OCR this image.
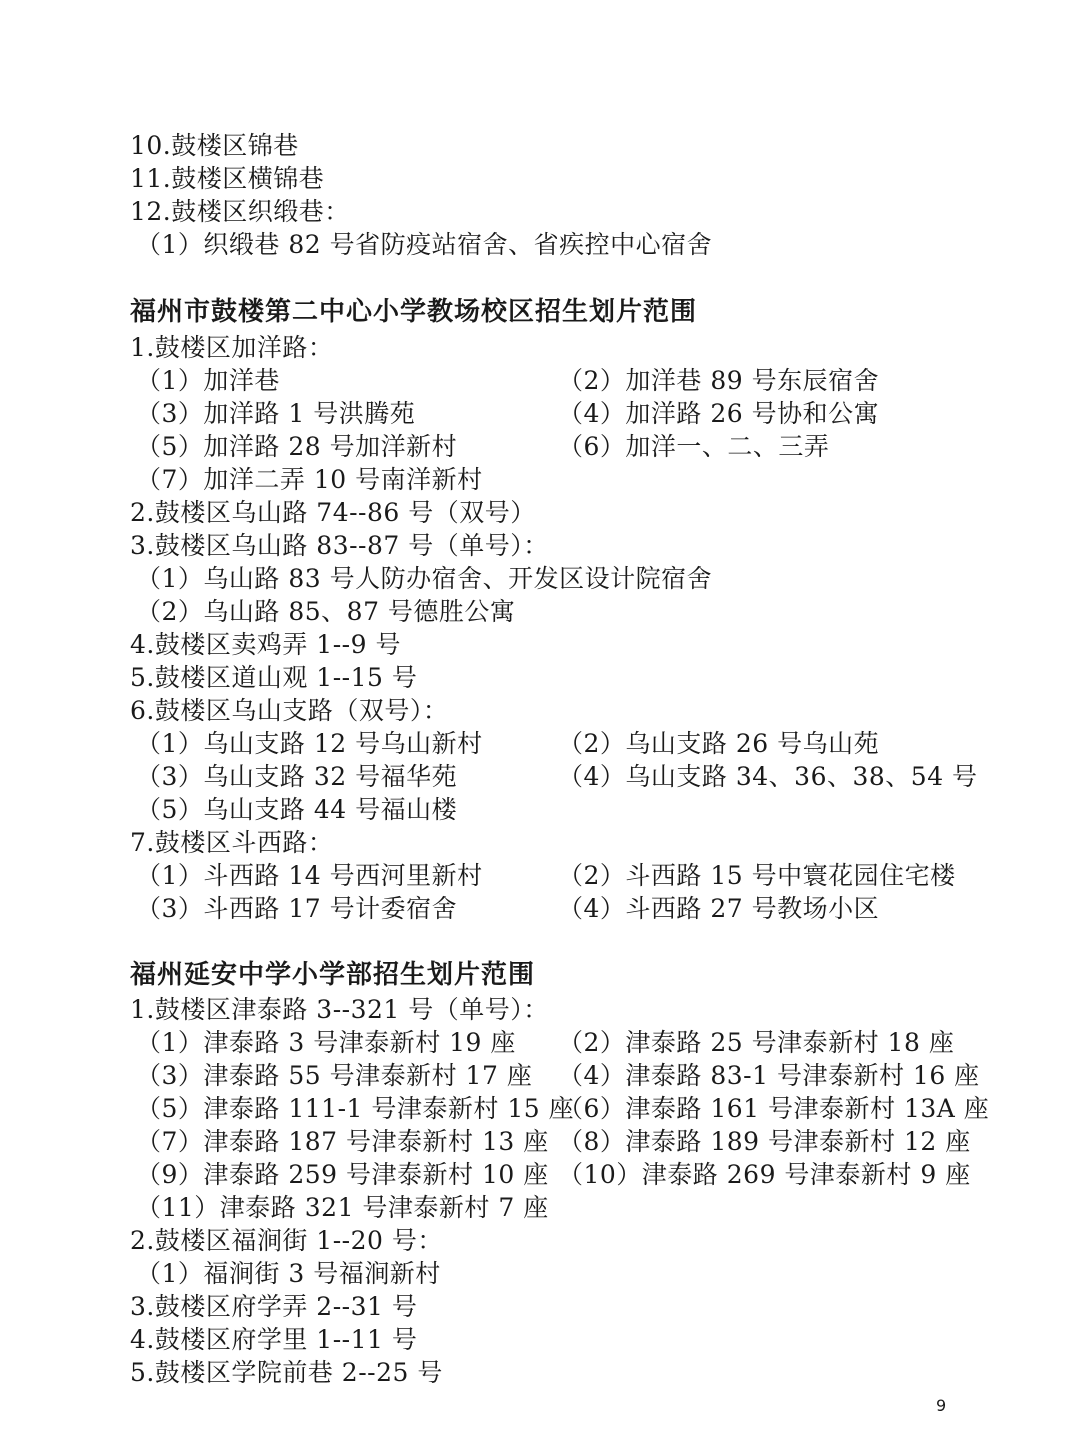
10.鼓楼区锦巷
11.鼓楼区横锦巷
12.鼓楼区织缎巷：
（1）织缎巷 82 号省防疫站宿舍、省疾控中心宿舍
福州市鼓楼第二中心小学教场校区招生划片范围
1.鼓楼区加洋路：
（1）加洋巷	（2）加洋巷 89 号东辰宿舍
（3）加洋路 1 号洪腾苑	（4）加洋路 26 号协和公寓
（5）加洋路 28 号加洋新村	（6）加洋一、二、三弄
（7）加洋二弄 10 号南洋新村
2.鼓楼区乌山路 74--86 号（双号）
3.鼓楼区乌山路 83--87 号（单号）：
（1）乌山路 83 号人防办宿舍、开发区设计院宿舍
（2）乌山路 85、87 号德胜公寓
4.鼓楼区卖鸡弄 1--9 号
5.鼓楼区道山观 1--15 号
6.鼓楼区乌山支路（双号）：
（1）乌山支路 12 号乌山新村	（2）乌山支路 26 号乌山苑
（3）乌山支路 32 号福华苑	（4）乌山支路 34、36、38、54 号
（5）乌山支路 44 号福山楼
7.鼓楼区斗西路：
（1）斗西路 14 号西河里新村	（2）斗西路 15 号中寰花园住宅楼
（3）斗西路 17 号计委宿舍	（4）斗西路 27 号教场小区
福州延安中学小学部招生划片范围
1.鼓楼区津泰路 3--321 号（单号）：
（1）津泰路 3 号津泰新村 19 座 （2）津泰路 25 号津泰新村 18 座
（3）津泰路 55 号津泰新村 17 座 （4）津泰路 83-1 号津泰新村 16 座
（5）津泰路 111-1 号津泰新村 15 座
（6）津泰路 161 号津泰新村 13A 座
（7）津泰路 187 号津泰新村 13 座 （8）津泰路 189 号津泰新村 12 座
（9）津泰路 259 号津泰新村 10 座 （10）津泰路 269 号津泰新村 9 座
（11）津泰路 321 号津泰新村 7 座
2.鼓楼区福涧街 1--20 号：
（1）福涧街 3 号福涧新村
3.鼓楼区府学弄 2--31 号
4.鼓楼区府学里 1--11 号
5.鼓楼区学院前巷 2--25 号
9
